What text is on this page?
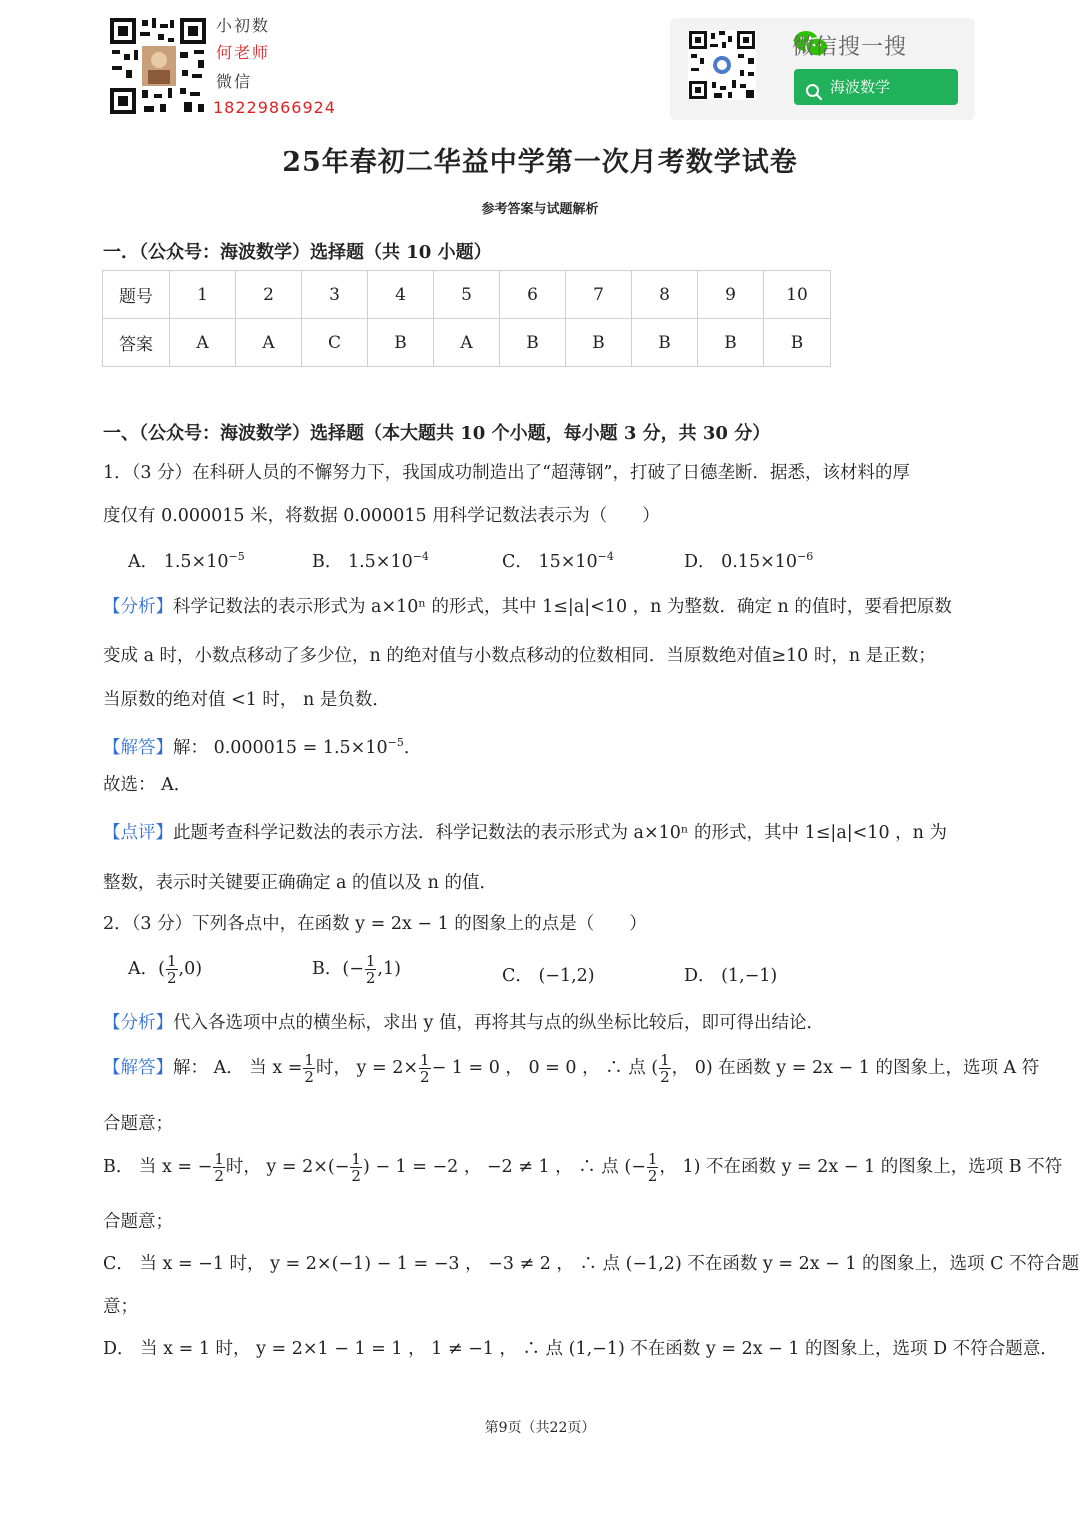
小初数
何老师
微信
18229866924
微信搜一搜
海波数学
25年春初二华益中学第一次月考数学试卷
参考答案与试题解析
一．（公众号：海波数学）选择题（共 10 小题）
题号	1	2	3	4	5	6	7	8	9	10
答案	A	A	C	B	A	B	B	B	B	B
一、（公众号：海波数学）选择题（本大题共 10 个小题，每小题 3 分，共 30 分）
1．（3 分）在科研人员的不懈努力下，我国成功制造出了“超薄钢”，打破了日德垄断．据悉，该材料的厚
度仅有 0.000015 米，将数据 0.000015 用科学记数法表示为（　　）
A． $1.5\times 10^{-5}$	B． $1.5\times 10^{-4}$	C． $15\times 10^{-4}$	D． $0.15\times 10^{-6}$
【分析】科学记数法的表示形式为 a×10ⁿ 的形式，其中 1≤|a|<10 ，n 为整数．确定 n 的值时，要看把原数
变成 a 时，小数点移动了多少位，n 的绝对值与小数点移动的位数相同．当原数绝对值≥10 时，n 是正数；
当原数的绝对值 <1 时， n 是负数．
【解答】解： $0.000015 = 1.5\times 10^{-5}$．
故选： A．
【点评】此题考查科学记数法的表示方法．科学记数法的表示形式为 a×10ⁿ 的形式，其中 1≤|a|<10 ，n 为
整数，表示时关键要正确确定 a 的值以及 n 的值．
2．（3 分）下列各点中，在函数 y = 2x − 1 的图象上的点是（　　）
A．( $\frac{1}{2} ,0$)	B．(− $\frac{1}{2} ,1$)	C． (−1,2)	D． (1,−1)
【分析】代入各选项中点的横坐标，求出 y 值，再将其与点的纵坐标比较后，即可得出结论．
【解答】解： A． 当 $x = \frac{1}{2}$ 时， $y = 2\times \frac{1}{2} - 1 = 0$ ， 0 = 0 ， ∴ 点 ( $\frac{1}{2}$ ， 0) 在函数 y = 2x − 1 的图象上，选项 A 符
合题意；
B． 当 x = − $\frac{1}{2}$ 时， $y = 2\times(- \frac{1}{2}$ ) − 1 = −2 ， −2 ≠ 1 ， ∴ 点 (− $\frac{1}{2}$ ， 1) 不在函数 y = 2x − 1 的图象上，选项 B 不符
合题意；
C． 当 x = −1 时， y = 2×(−1) − 1 = −3 ， −3 ≠ 2 ， ∴ 点 (−1,2) 不在函数 y = 2x − 1 的图象上，选项 C 不符合题
意；
D． 当 x = 1 时， y = 2×1 − 1 = 1 ， 1 ≠ −1 ， ∴ 点 (1,−1) 不在函数 y = 2x − 1 的图象上，选项 D 不符合题意．
第9页（共22页）
